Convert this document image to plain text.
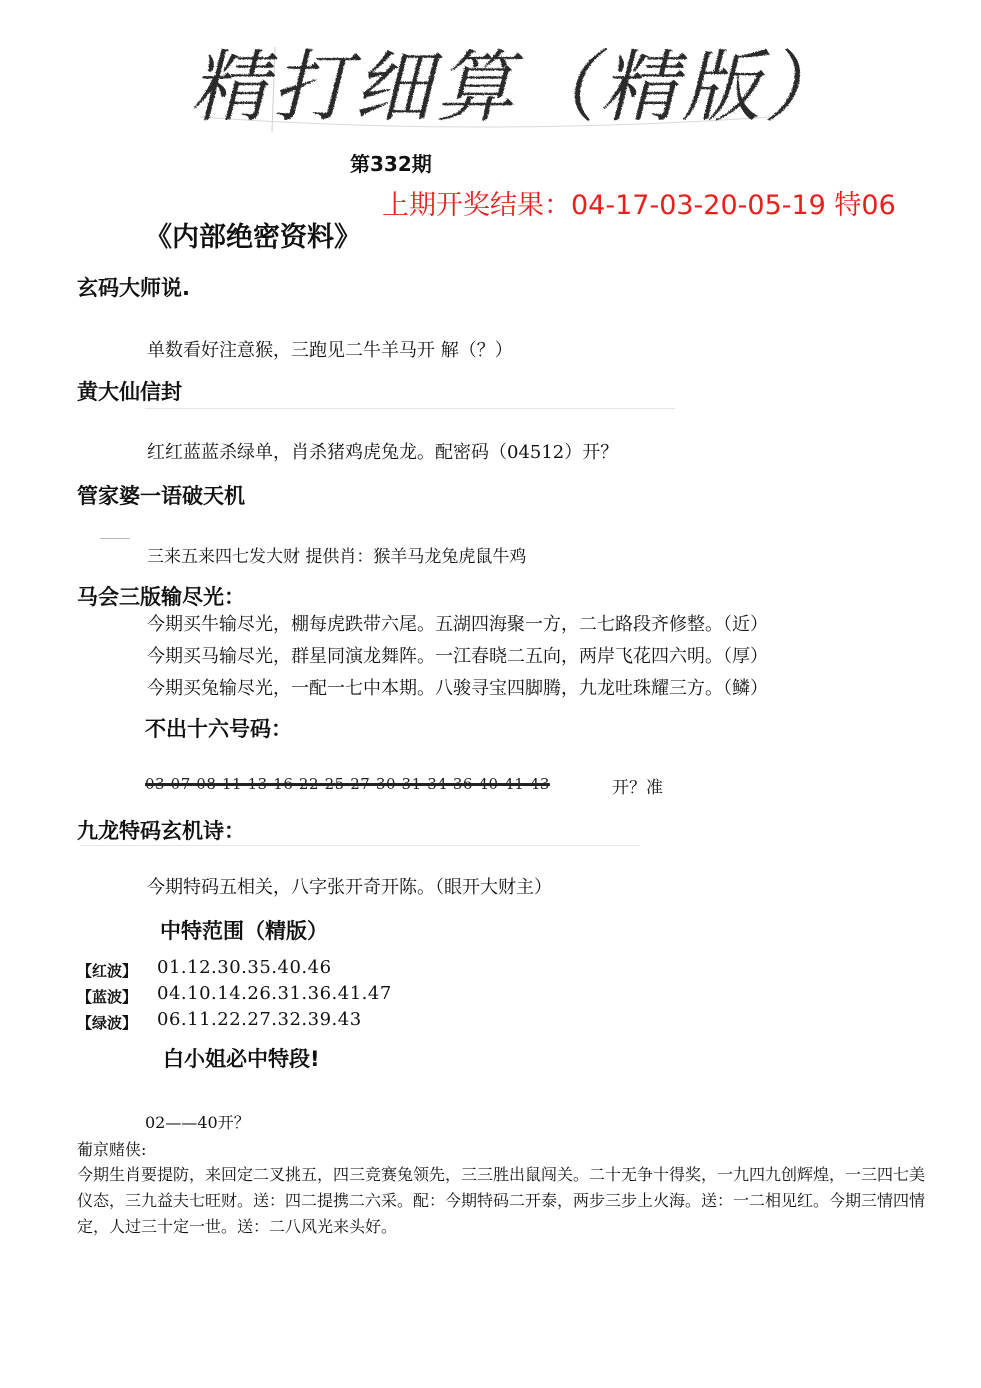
精打细算（精版）
第332期
上期开奖结果：04-17-03-20-05-19 特06
《内部绝密资料》
玄码大师说.
单数看好注意猴，三跑见二牛羊马开 解（？）
黄大仙信封
红红蓝蓝杀绿单，肖杀猪鸡虎兔龙。配密码（04512）开？
管家婆一语破天机
三来五来四七发大财 提供肖：猴羊马龙兔虎鼠牛鸡
马会三版输尽光：
今期买牛输尽光，棚每虎跌带六尾。五湖四海聚一方，二七路段齐修整。（近）
今期买马输尽光，群星同演龙舞阵。一江春晓二五向，两岸飞花四六明。（厚）
今期买兔输尽光，一配一七中本期。八骏寻宝四脚腾，九龙吐珠耀三方。（鳞）
不出十六号码：
03-07-08-11-13-16-22-25-27-30-31-34-36-40-41-43	开？准
九龙特码玄机诗：
今期特码五相关，八字张开奇开陈。（眼开大财主）
中特范围（精版）
【红波】 01.12.30.35.40.46
【蓝波】 04.10.14.26.31.36.41.47
【绿波】 06.11.22.27.32.39.43
白小姐必中特段!
02——40开？
葡京赌侠:
今期生肖要提防，来回定二叉挑五，四三竞赛兔领先，三三胜出鼠闯关。二十无争十得奖，一九四九创辉煌，一三四七美仪态，三九益夫七旺财。送：四二提携二六采。配：今期特码二开泰，两步三步上火海。送：一二相见红。今期三情四情定，人过三十定一世。送：二八风光来头好。
